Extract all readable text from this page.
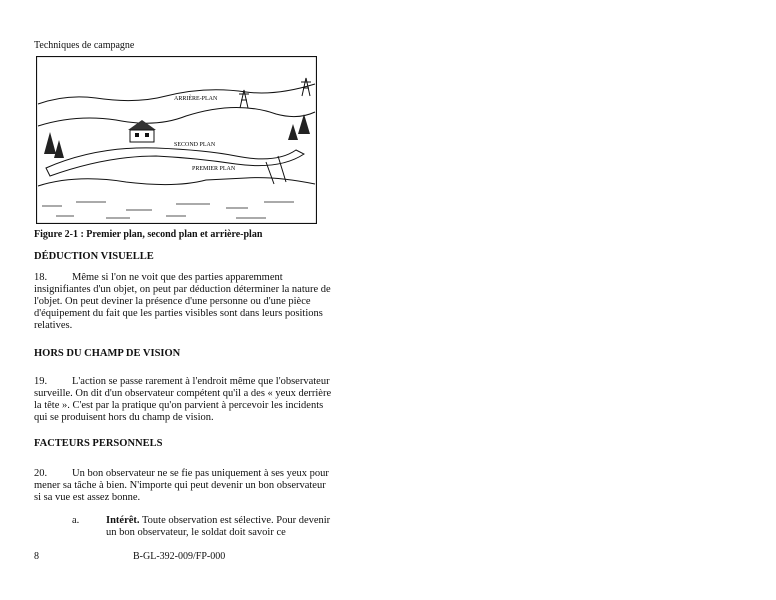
Techniques de campagne
ARRIÈRE-PLAN
SECOND PLAN
PREMIER PLAN
Figure 2-1 : Premier plan, second plan et arrière-plan
DÉDUCTION VISUELLE
18. Même si l'on ne voit que des parties apparemment insignifiantes d'un objet, on peut par déduction déterminer la nature de l'objet. On peut deviner la présence d'une personne ou d'une pièce d'équipement du fait que les parties visibles sont dans leurs positions relatives.
HORS DU CHAMP DE VISION
19. L'action se passe rarement à l'endroit même que l'observateur surveille. On dit d'un observateur compétent qu'il a des « yeux derrière la tête ». C'est par la pratique qu'on parvient à percevoir les incidents qui se produisent hors du champ de vision.
FACTEURS PERSONNELS
20. Un bon observateur ne se fie pas uniquement à ses yeux pour mener sa tâche à bien. N'importe qui peut devenir un bon observateur si sa vue est assez bonne.
a.	Intérêt. Toute observation est sélective. Pour devenir un bon observateur, le soldat doit savoir ce
8	B-GL-392-009/FP-000
